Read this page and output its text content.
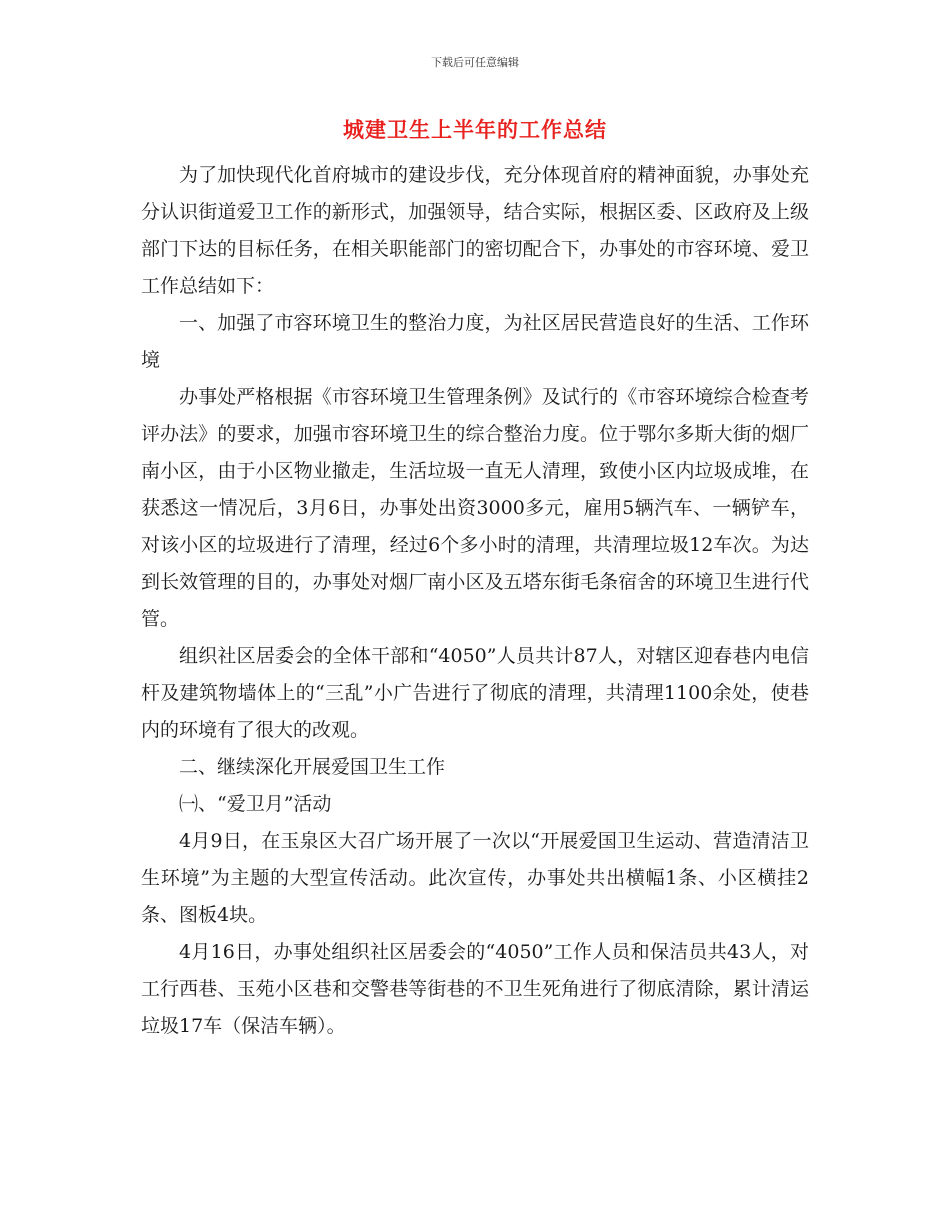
下载后可任意编辑
城建卫生上半年的工作总结

为了加快现代化首府城市的建设步伐，充分体现首府的精神面貌，办事处充分认识街道爱卫工作的新形式，加强领导，结合实际，根据区委、区政府及上级部门下达的目标任务，在相关职能部门的密切配合下，办事处的市容环境、爱卫工作总结如下：

一、加强了市容环境卫生的整治力度，为社区居民营造良好的生活、工作环境

办事处严格根据《市容环境卫生管理条例》及试行的《市容环境综合检查考评办法》的要求，加强市容环境卫生的综合整治力度。位于鄂尔多斯大街的烟厂南小区，由于小区物业撤走，生活垃圾一直无人清理，致使小区内垃圾成堆，在获悉这一情况后，3月6日，办事处出资3000多元，雇用5辆汽车、一辆铲车，对该小区的垃圾进行了清理，经过6个多小时的清理，共清理垃圾12车次。为达到长效管理的目的，办事处对烟厂南小区及五塔东街毛条宿舍的环境卫生进行代管。

组织社区居委会的全体干部和“4050”人员共计87人，对辖区迎春巷内电信杆及建筑物墙体上的“三乱”小广告进行了彻底的清理，共清理1100余处，使巷内的环境有了很大的改观。

二、继续深化开展爱国卫生工作

㈠、“爱卫月”活动

4月9日，在玉泉区大召广场开展了一次以“开展爱国卫生运动、营造清洁卫生环境”为主题的大型宣传活动。此次宣传，办事处共出横幅1条、小区横挂2条、图板4块。

4月16日，办事处组织社区居委会的“4050”工作人员和保洁员共43人，对工行西巷、玉苑小区巷和交警巷等街巷的不卫生死角进行了彻底清除，累计清运垃圾17车（保洁车辆）。
